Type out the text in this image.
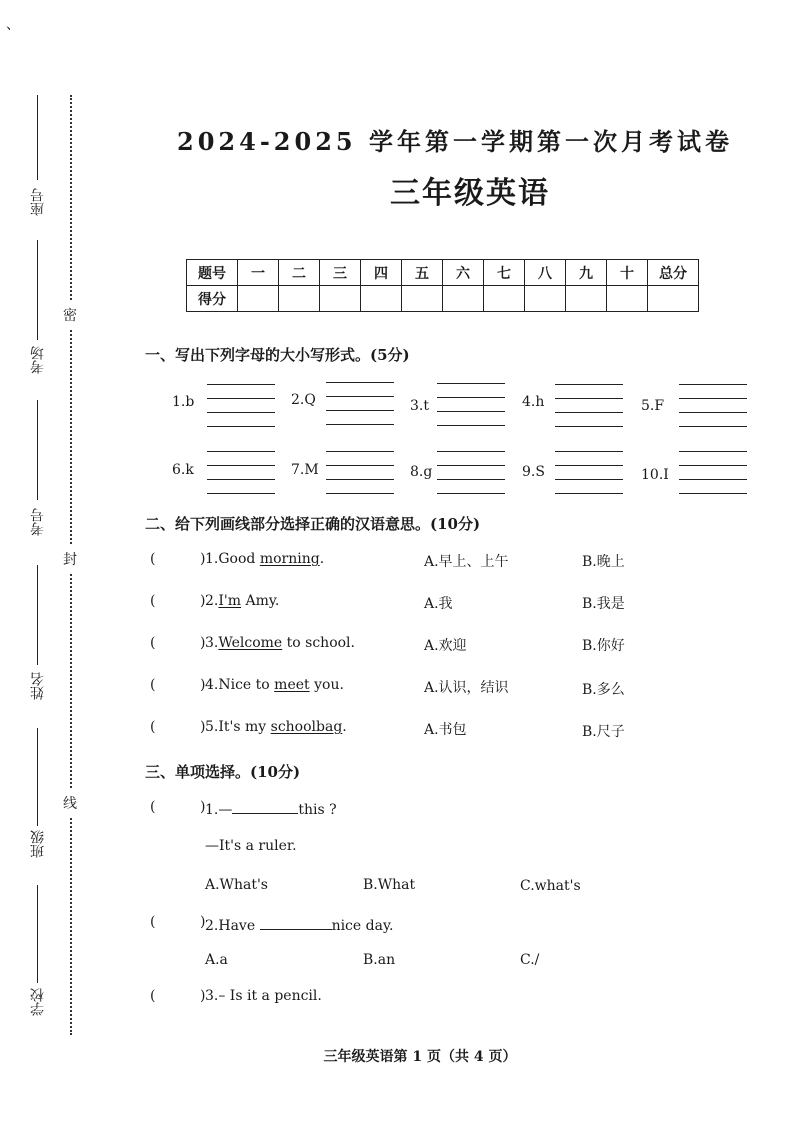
、
座号
考场
考号
姓名
班级
学校
密
封
线
2024-2025 学年第一学期第一次月考试卷
三年级英语
题号	一	二	三	四	五	六	七	八	九	十	总分
得分											
一、写出下列字母的大小写形式。(5分)
1.b	2.Q	3.t	4.h	5.F
6.k	7.M	8.g	9.S	10.I
二、给下列画线部分选择正确的汉语意思。(10分)
(          ) 1.Good morning.	A.早上、上午	B.晚上
(          ) 2.I'm Amy.	A.我	B.我是
(          ) 3.Welcome to school.	A.欢迎	B.你好
(          ) 4.Nice to meet you.	A.认识，结识	B.多么
(          ) 5.It's my schoolbag.	A.书包	B.尺子
三、单项选择。(10分)
(          ) 1.—	this ?
—It's a ruler.
A.What's	B.What	C.what's
(          ) 2.Have	nice day.
A.a	B.an	C./
(          ) 3.– Is it a pencil.
三年级英语第 1 页（共 4 页）
